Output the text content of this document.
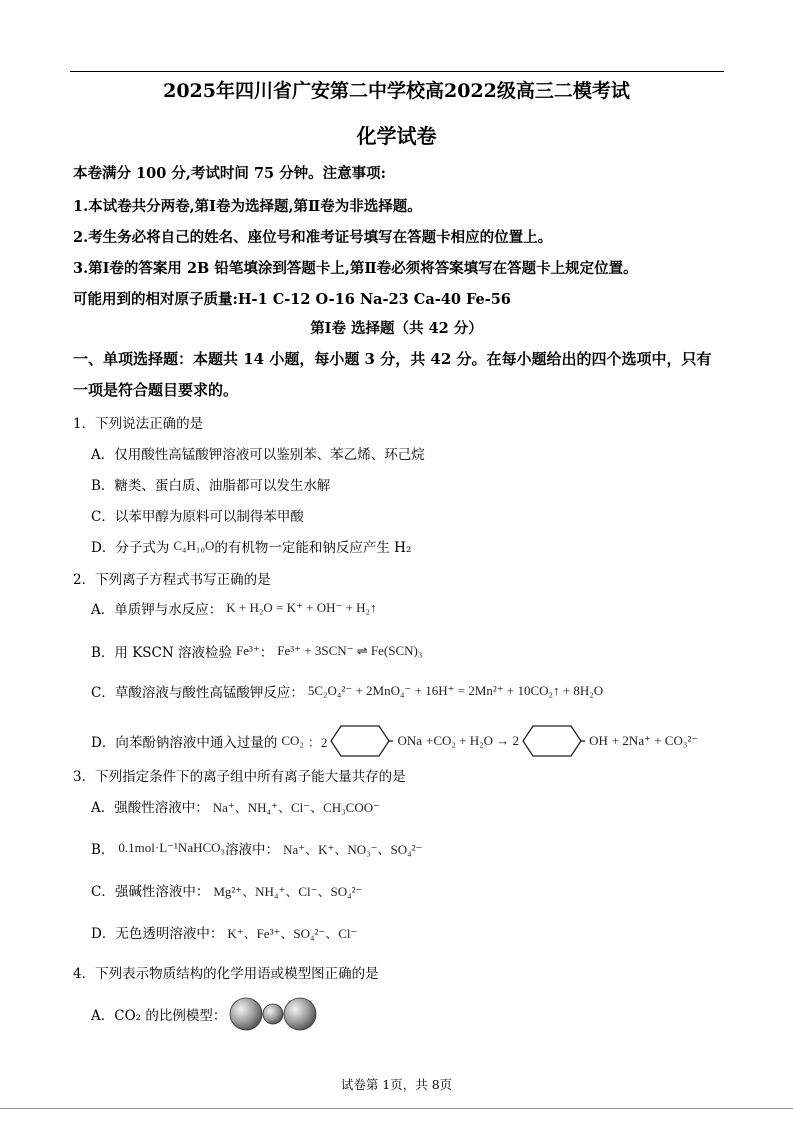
2025年四川省广安第二中学校高2022级高三二模考试
化学试卷
本卷满分 100 分,考试时间 75 分钟。注意事项:
1.本试卷共分两卷,第Ⅰ卷为选择题,第Ⅱ卷为非选择题。
2.考生务必将自己的姓名、座位号和准考证号填写在答题卡相应的位置上。
3.第Ⅰ卷的答案用 2B 铅笔填涂到答题卡上,第Ⅱ卷必须将答案填写在答题卡上规定位置。
可能用到的相对原子质量:H-1 C-12 O-16 Na-23 Ca-40 Fe-56
第Ⅰ卷 选择题（共 42 分）
一、单项选择题：本题共 14 小题，每小题 3 分，共 42 分。在每小题给出的四个选项中，只有
一项是符合题目要求的。
1．下列说法正确的是
A．仅用酸性高锰酸钾溶液可以鉴别苯、苯乙烯、环己烷
B．糖类、蛋白质、油脂都可以发生水解
C．以苯甲醇为原料可以制得苯甲酸
D．分子式为 C₄H₁₀O 的有机物一定能和钠反应产生 H₂
2．下列离子方程式书写正确的是
A．单质钾与水反应： K + H₂O = K⁺ + OH⁻ + H₂↑
B．用 KSCN 溶液检验 Fe³⁺ ： Fe³⁺ + 3SCN⁻ ⇌ Fe(SCN)₃
C．草酸溶液与酸性高锰酸钾反应： 5C₂O₄²⁻ + 2MnO₄⁻ + 16H⁺ = 2Mn²⁺ + 10CO₂↑ + 8H₂O
D．向苯酚钠溶液中通入过量的 CO₂ ：2	ONa +CO₂ + H₂O → 2	OH + 2Na⁺ + CO₃²⁻
3．下列指定条件下的离子组中所有离子能大量共存的是
A．强酸性溶液中： Na⁺、NH₄⁺、Cl⁻、CH₃COO⁻
B． 0.1mol·L⁻¹NaHCO₃ 溶液中： Na⁺、K⁺、NO₃⁻、SO₄²⁻
C．强碱性溶液中： Mg²⁺、NH₄⁺、Cl⁻、SO₄²⁻
D．无色透明溶液中： K⁺、Fe³⁺、SO₄²⁻、Cl⁻
4．下列表示物质结构的化学用语或模型图正确的是
A．CO₂ 的比例模型：
试卷第 1页，共 8页
